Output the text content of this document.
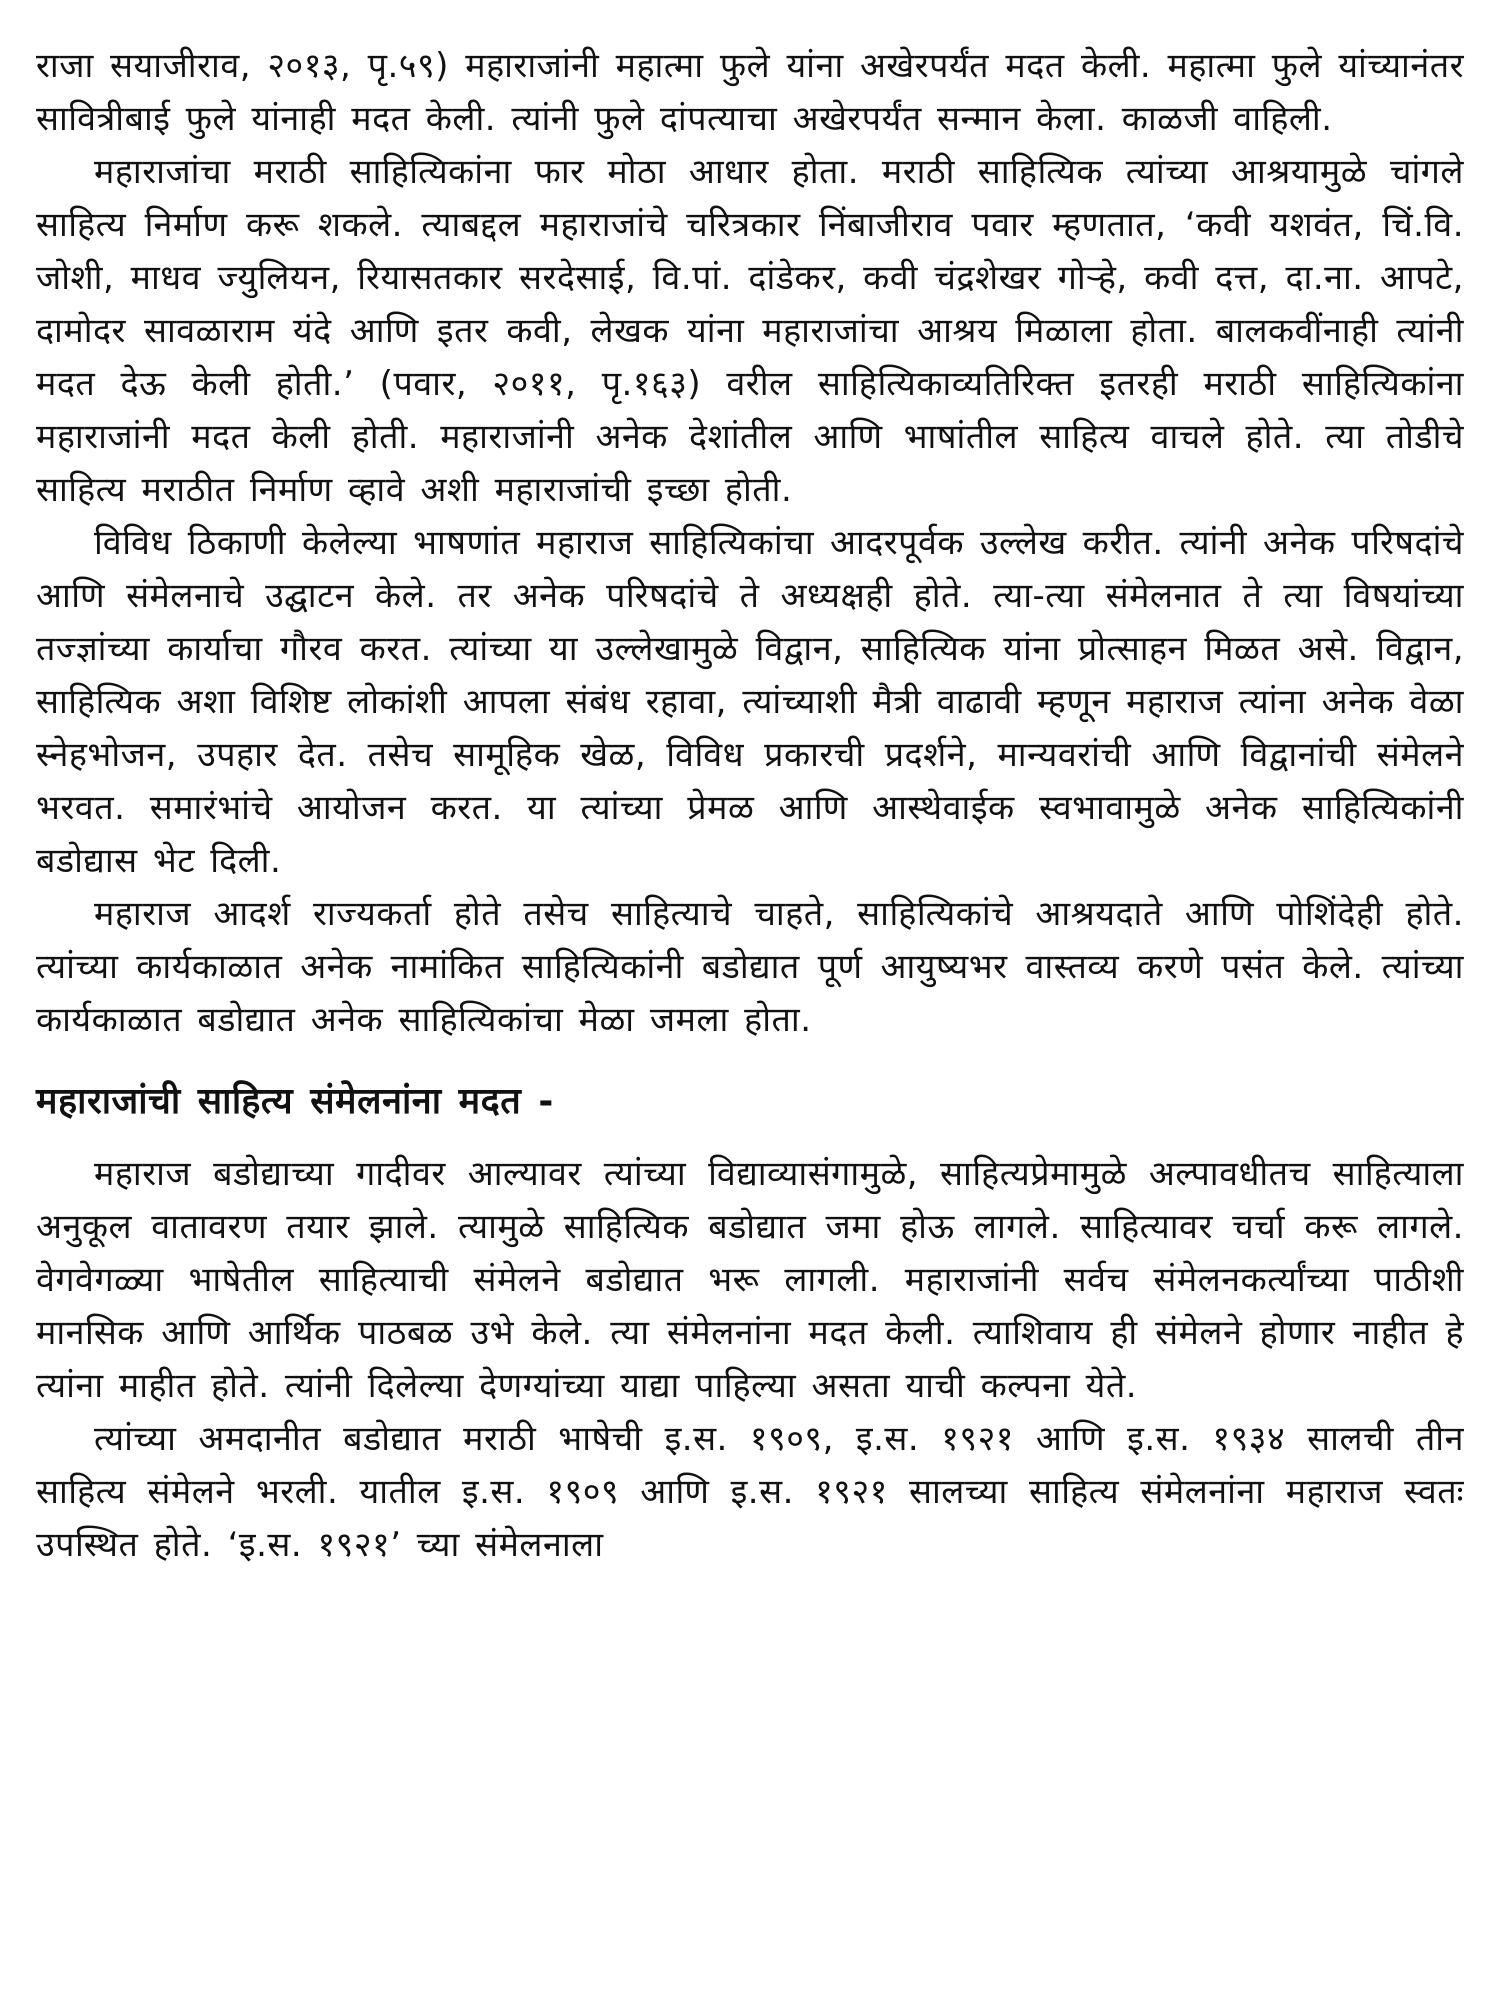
राजा सयाजीराव, २०१३, पृ.५९) महाराजांनी महात्मा फुले यांना अखेरपर्यंत मदत केली. महात्मा फुले यांच्यानंतर सावित्रीबाई फुले यांनाही मदत केली. त्यांनी फुले दांपत्याचा अखेरपर्यंत सन्मान केला. काळजी वाहिली.

महाराजांचा मराठी साहित्यिकांना फार मोठा आधार होता. मराठी साहित्यिक त्यांच्या आश्रयामुळे चांगले साहित्य निर्माण करू शकले. त्याबद्दल महाराजांचे चरित्रकार निंबाजीराव पवार म्हणतात, ‘कवी यशवंत, चिं.वि. जोशी, माधव ज्युलियन, रियासतकार सरदेसाई, वि.पां. दांडेकर, कवी चंद्रशेखर गोऱ्हे, कवी दत्त, दा.ना. आपटे, दामोदर सावळाराम यंदे आणि इतर कवी, लेखक यांना महाराजांचा आश्रय मिळाला होता. बालकवींनाही त्यांनी मदत देऊ केली होती.’ (पवार, २०११, पृ.१६३) वरील साहित्यिकाव्यतिरिक्त इतरही मराठी साहित्यिकांना महाराजांनी मदत केली होती. महाराजांनी अनेक देशांतील आणि भाषांतील साहित्य वाचले होते. त्या तोडीचे साहित्य मराठीत निर्माण व्हावे अशी महाराजांची इच्छा होती.

विविध ठिकाणी केलेल्या भाषणांत महाराज साहित्यिकांचा आदरपूर्वक उल्लेख करीत. त्यांनी अनेक परिषदांचे आणि संमेलनाचे उद्घाटन केले. तर अनेक परिषदांचे ते अध्यक्षही होते. त्या-त्या संमेलनात ते त्या विषयांच्या तज्ज्ञांच्या कार्याचा गौरव करत. त्यांच्या या उल्लेखामुळे विद्वान, साहित्यिक यांना प्रोत्साहन मिळत असे. विद्वान, साहित्यिक अशा विशिष्ट लोकांशी आपला संबंध रहावा, त्यांच्याशी मैत्री वाढावी म्हणून महाराज त्यांना अनेक वेळा स्नेहभोजन, उपहार देत. तसेच सामूहिक खेळ, विविध प्रकारची प्रदर्शने, मान्यवरांची आणि विद्वानांची संमेलने भरवत. समारंभांचे आयोजन करत. या त्यांच्या प्रेमळ आणि आस्थेवाईक स्वभावामुळे अनेक साहित्यिकांनी बडोद्यास भेट दिली.

महाराज आदर्श राज्यकर्ता होते तसेच साहित्याचे चाहते, साहित्यिकांचे आश्रयदाते आणि पोशिंदेही होते. त्यांच्या कार्यकाळात अनेक नामांकित साहित्यिकांनी बडोद्यात पूर्ण आयुष्यभर वास्तव्य करणे पसंत केले. त्यांच्या कार्यकाळात बडोद्यात अनेक साहित्यिकांचा मेळा जमला होता.

महाराजांची साहित्य संमेलनांना मदत -

महाराज बडोद्याच्या गादीवर आल्यावर त्यांच्या विद्याव्यासंगामुळे, साहित्यप्रेमामुळे अल्पावधीतच साहित्याला अनुकूल वातावरण तयार झाले. त्यामुळे साहित्यिक बडोद्यात जमा होऊ लागले. साहित्यावर चर्चा करू लागले. वेगवेगळ्या भाषेतील साहित्याची संमेलने बडोद्यात भरू लागली. महाराजांनी सर्वच संमेलनकर्त्यांच्या पाठीशी मानसिक आणि आर्थिक पाठबळ उभे केले. त्या संमेलनांना मदत केली. त्याशिवाय ही संमेलने होणार नाहीत हे त्यांना माहीत होते. त्यांनी दिलेल्या देणग्यांच्या याद्या पाहिल्या असता याची कल्पना येते.

त्यांच्या अमदानीत बडोद्यात मराठी भाषेची इ.स. १९०९, इ.स. १९२१ आणि इ.स. १९३४ सालची तीन साहित्य संमेलने भरली. यातील इ.स. १९०९ आणि इ.स. १९२१ सालच्या साहित्य संमेलनांना महाराज स्वतः उपस्थित होते. ‘इ.स. १९२१’ च्या संमेलनाला
